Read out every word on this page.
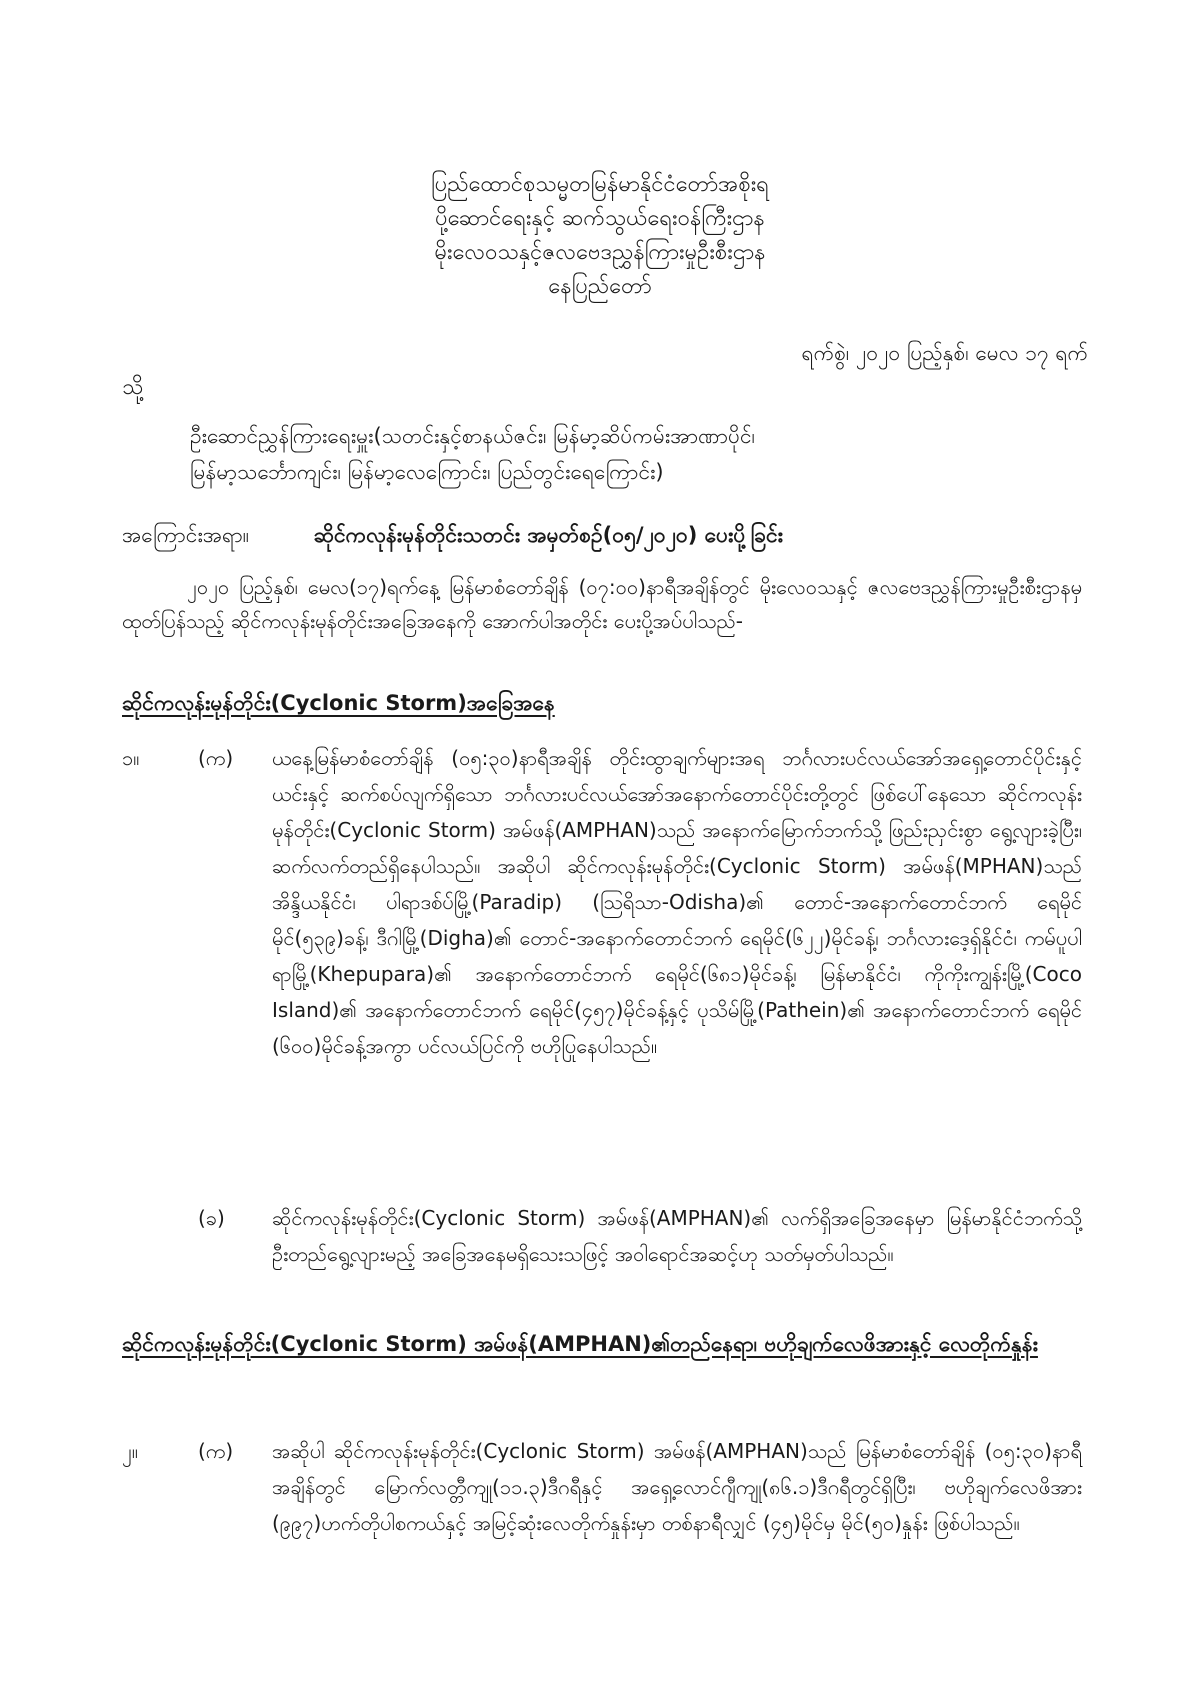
ပြည်ထောင်စုသမ္မတမြန်မာနိုင်ငံတော်အစိုးရ
ပို့ဆောင်ရေးနှင့် ဆက်သွယ်ရေးဝန်ကြီးဌာန
မိုးလေဝသနှင့်ဇလဗေဒညွှန်ကြားမှုဦးစီးဌာန
နေပြည်တော်
ရက်စွဲ၊ ၂၀၂၀ ပြည့်နှစ်၊ မေလ ၁၇ ရက်
သို့
ဦးဆောင်ညွှန်ကြားရေးမှူး(သတင်းနှင့်စာနယ်ဇင်း၊ မြန်မာ့ဆိပ်ကမ်းအာဏာပိုင်၊
မြန်မာ့သင်္ဘောကျင်း၊ မြန်မာ့လေကြောင်း၊ ပြည်တွင်းရေကြောင်း)
အကြောင်းအရာ။	ဆိုင်ကလုန်းမုန်တိုင်းသတင်း အမှတ်စဉ်(၀၅/၂၀၂၀) ပေးပို့ခြင်း
၂၀၂၀ ပြည့်နှစ်၊ မေလ(၁၇)ရက်နေ့ မြန်မာစံတော်ချိန် (၀၇:၀၀)နာရီအချိန်တွင် မိုးလေဝသနှင့် ဇလဗေဒညွှန်ကြားမှုဦးစီးဌာနမှ ထုတ်ပြန်သည့် ဆိုင်ကလုန်းမုန်တိုင်းအခြေအနေကို အောက်ပါအတိုင်း ပေးပို့အပ်ပါသည်-
ဆိုင်ကလုန်းမုန်တိုင်း(Cyclonic Storm)အခြေအနေ
၁။	(က) ယနေ့မြန်မာစံတော်ချိန် (၀၅:၃၀)နာရီအချိန် တိုင်းထွာချက်များအရ ဘင်္ဂလားပင်လယ်အော်အရှေ့တောင်ပိုင်းနှင့် ယင်းနှင့် ဆက်စပ်လျက်ရှိသော ဘင်္ဂလားပင်လယ်အော်အနောက်တောင်ပိုင်းတို့တွင် ဖြစ်ပေါ်နေသော ဆိုင်ကလုန်းမုန်တိုင်း(Cyclonic Storm) အမ်ဖန်(AMPHAN)သည် အနောက်မြောက်ဘက်သို့ ဖြည်းညှင်းစွာ ရွေ့လျားခဲ့ပြီး၊ ဆက်လက်တည်ရှိနေပါသည်။ အဆိုပါ ဆိုင်ကလုန်းမုန်တိုင်း(Cyclonic Storm) အမ်ဖန်(MPHAN)သည် အိန္ဒိယနိုင်ငံ၊ ပါရာဒစ်ပ်မြို့(Paradip) (သြရိသာ-Odisha)၏ တောင်-အနောက်တောင်ဘက် ရေမိုင် မိုင်(၅၃၉)ခန့်၊ ဒီဂါမြို့(Digha)၏ တောင်-အနောက်တောင်ဘက် ရေမိုင်(၆၂၂)မိုင်ခန့်၊ ဘင်္ဂလားဒေ့ရှ်နိုင်ငံ၊ ကမ်ပူပါရာမြို့(Khepupara)၏ အနောက်တောင်ဘက် ရေမိုင်(၆၈၁)မိုင်ခန့်၊ မြန်မာနိုင်ငံ၊ ကိုကိုးကျွန်းမြို့(Coco Island)၏ အနောက်တောင်ဘက် ရေမိုင်(၄၅၇)မိုင်ခန့်နှင့် ပုသိမ်မြို့(Pathein)၏ အနောက်တောင်ဘက် ရေမိုင် (၆၀၀)မိုင်ခန့်အကွာ ပင်လယ်ပြင်ကို ဗဟိုပြုနေပါသည်။
(ခ) ဆိုင်ကလုန်းမုန်တိုင်း(Cyclonic Storm) အမ်ဖန်(AMPHAN)၏ လက်ရှိအခြေအနေမှာ မြန်မာနိုင်ငံဘက်သို့ ဦးတည်ရွေ့လျားမည့် အခြေအနေမရှိသေးသဖြင့် အဝါရောင်အဆင့်ဟု သတ်မှတ်ပါသည်။
ဆိုင်ကလုန်းမုန်တိုင်း(Cyclonic Storm) အမ်ဖန်(AMPHAN)၏တည်နေရာ၊ ဗဟိုချက်လေဖိအားနှင့် လေတိုက်နှုန်း
၂။	(က) အဆိုပါ ဆိုင်ကလုန်းမုန်တိုင်း(Cyclonic Storm) အမ်ဖန်(AMPHAN)သည် မြန်မာစံတော်ချိန် (၀၅:၃၀)နာရီအချိန်တွင် မြောက်လတ္တီကျု(၁၁.၃)ဒီဂရီနှင့် အရှေ့လောင်ဂျီကျု(၈၆.၁)ဒီဂရီတွင်ရှိပြီး၊ ဗဟိုချက်လေဖိအား (၉၉၇)ဟက်တိုပါစကယ်နှင့် အမြင့်ဆုံးလေတိုက်နှုန်းမှာ တစ်နာရီလျှင် (၄၅)မိုင်မှ မိုင်(၅၀)နှုန်း ဖြစ်ပါသည်။
